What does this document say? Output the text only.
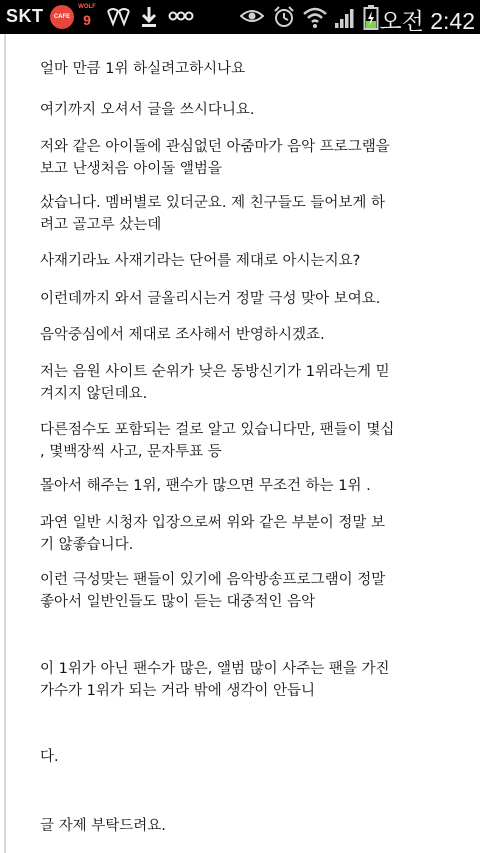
SKT	CAFE
WOLF
9	오전 2:42
얼마 만큼 1위 하실려고하시나요
여기까지 오셔서 글을 쓰시다니요.
저와 같은 아이돌에 관심없던 아줌마가 음악 프로그램을
보고 난생처음 아이돌 앨범을
샀습니다. 멤버별로 있더군요. 제 친구들도 들어보게 하
려고 골고루 샀는데
사재기라뇨 사재기라는 단어를 제대로 아시는지요?
이런데까지 와서 글올리시는거 정말 극성 맞아 보여요.
음악중심에서 제대로 조사해서 반영하시겠죠.
저는 음원 사이트 순위가 낮은 동방신기가 1위라는게 믿
겨지지 않던데요.
다른점수도 포함되는 걸로 알고 있습니다만, 팬들이 몇십
, 몇백장씩 사고, 문자투표 등
몰아서 해주는 1위, 팬수가 많으면 무조건 하는 1위 .
과연 일반 시청자 입장으로써 위와 같은 부분이 정말 보
기 않좋습니다.
이런 극성맞는 팬들이 있기에 음악방송프로그램이 정말
좋아서 일반인들도 많이 듣는 대중적인 음악
이 1위가 아닌 팬수가 많은, 앨범 많이 사주는 팬을 가진
가수가 1위가 되는 거라 밖에 생각이 안듭니
다.
글 자제 부탁드려요.
